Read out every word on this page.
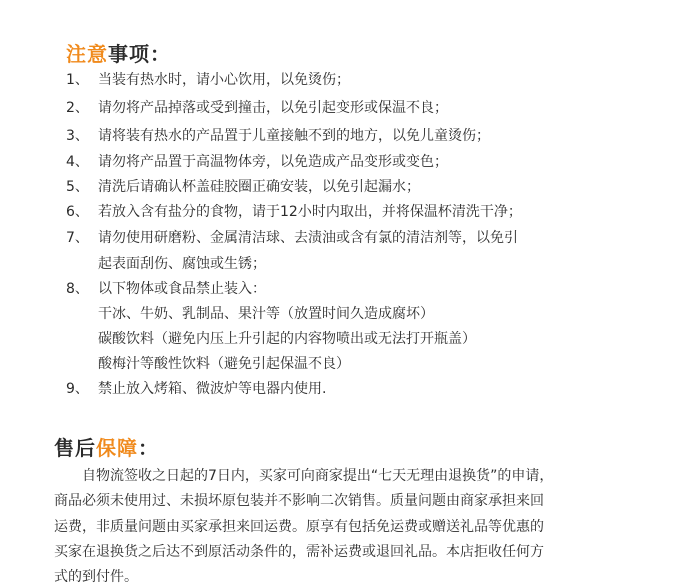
注意事项：
1、 当装有热水时，请小心饮用，以免烫伤；
2、 请勿将产品掉落或受到撞击，以免引起变形或保温不良；
3、 请将装有热水的产品置于儿童接触不到的地方，以免儿童烫伤；
4、 请勿将产品置于高温物体旁，以免造成产品变形或变色；
5、 清洗后请确认杯盖硅胶圈正确安装，以免引起漏水；
6、 若放入含有盐分的食物，请于12小时内取出，并将保温杯清洗干净；
7、 请勿使用研磨粉、金属清洁球、去渍油或含有氯的清洁剂等，以免引
起表面刮伤、腐蚀或生锈；
8、 以下物体或食品禁止装入：
干冰、牛奶、乳制品、果汁等（放置时间久造成腐坏）
碳酸饮料（避免内压上升引起的内容物喷出或无法打开瓶盖）
酸梅汁等酸性饮料（避免引起保温不良）
9、 禁止放入烤箱、微波炉等电器内使用.
售后保障：
自物流签收之日起的7日内，买家可向商家提出“七天无理由退换货”的申请，
商品必须未使用过、未损坏原包装并不影响二次销售。质量问题由商家承担来回
运费，非质量问题由买家承担来回运费。原享有包括免运费或赠送礼品等优惠的
买家在退换货之后达不到原活动条件的，需补运费或退回礼品。本店拒收任何方
式的到付件。
